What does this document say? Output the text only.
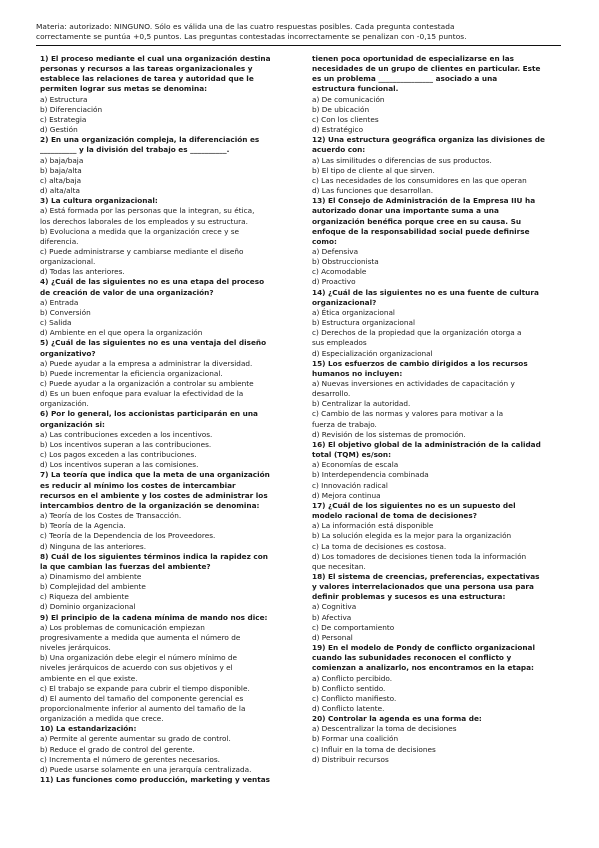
Materia: autorizado: NINGUNO. Sólo es válida una de las cuatro respuestas posibles. Cada pregunta contestada
correctamente se puntúa +0,5 puntos. Las preguntas contestadas incorrectamente se penalizan con -0,15 puntos.
1) El proceso mediante el cual una organización destina
personas y recursos a las tareas organizacionales y
establece las relaciones de tarea y autoridad que le
permiten lograr sus metas se denomina:
a) Estructura
b) Diferenciación
c) Estrategia
d) Gestión
2) En una organización compleja, la diferenciación es
__________ y la división del trabajo es __________.
a) baja/baja
b) baja/alta
c) alta/baja
d) alta/alta
3) La cultura organizacional:
a) Está formada por las personas que la integran, su ética,
los derechos laborales de los empleados y su estructura.
b) Evoluciona a medida que la organización crece y se
diferencia.
c) Puede administrarse y cambiarse mediante el diseño
organizacional.
d) Todas las anteriores.
4) ¿Cuál de las siguientes no es una etapa del proceso
de creación de valor de una organización?
a) Entrada
b) Conversión
c) Salida
d) Ambiente en el que opera la organización
5) ¿Cuál de las siguientes no es una ventaja del diseño
organizativo?
a) Puede ayudar a la empresa a administrar la diversidad.
b) Puede incrementar la eficiencia organizacional.
c) Puede ayudar a la organización a controlar su ambiente
d) Es un buen enfoque para evaluar la efectividad de la
organización.
6) Por lo general, los accionistas participarán en una
organización si:
a) Las contribuciones exceden a los incentivos.
b) Los incentivos superan a las contribuciones.
c) Los pagos exceden a las contribuciones.
d) Los incentivos superan a las comisiones.
7) La teoría que indica que la meta de una organización
es reducir al mínimo los costes de intercambiar
recursos en el ambiente y los costes de administrar los
intercambios dentro de la organización se denomina:
a) Teoría de los Costes de Transacción.
b) Teoría de la Agencia.
c) Teoría de la Dependencia de los Proveedores.
d) Ninguna de las anteriores.
8) Cuál de los siguientes términos indica la rapidez con
la que cambian las fuerzas del ambiente?
a) Dinamismo del ambiente
b) Complejidad del ambiente
c) Riqueza del ambiente
d) Dominio organizacional
9) El principio de la cadena mínima de mando nos dice:
a) Los problemas de comunicación empiezan
progresivamente a medida que aumenta el número de
niveles jerárquicos.
b) Una organización debe elegir el número mínimo de
niveles jerárquicos de acuerdo con sus objetivos y el
ambiente en el que existe.
c) El trabajo se expande para cubrir el tiempo disponible.
d) El aumento del tamaño del componente gerencial es
proporcionalmente inferior al aumento del tamaño de la
organización a medida que crece.
10) La estandarización:
a) Permite al gerente aumentar su grado de control.
b) Reduce el grado de control del gerente.
c) Incrementa el número de gerentes necesarios.
d) Puede usarse solamente en una jerarquía centralizada.
11) Las funciones como producción, marketing y ventas
tienen poca oportunidad de especializarse en las
necesidades de un grupo de clientes en particular. Este
es un problema _______________ asociado a una
estructura funcional.
a) De comunicación
b) De ubicación
c) Con los clientes
d) Estratégico
12) Una estructura geográfica organiza las divisiones de
acuerdo con:
a) Las similitudes o diferencias de sus productos.
b) El tipo de cliente al que sirven.
c) Las necesidades de los consumidores en las que operan
d) Las funciones que desarrollan.
13) El Consejo de Administración de la Empresa IIU ha
autorizado donar una importante suma a una
organización benéfica porque cree en su causa. Su
enfoque de la responsabilidad social puede definirse
como:
a) Defensiva
b) Obstruccionista
c) Acomodable
d) Proactivo
14) ¿Cuál de las siguientes no es una fuente de cultura
organizacional?
a) Ética organizacional
b) Estructura organizacional
c) Derechos de la propiedad que la organización otorga a
sus empleados
d) Especialización organizacional
15) Los esfuerzos de cambio dirigidos a los recursos
humanos no incluyen:
a) Nuevas inversiones en actividades de capacitación y
desarrollo.
b) Centralizar la autoridad.
c) Cambio de las normas y valores para motivar a la
fuerza de trabajo.
d) Revisión de los sistemas de promoción.
16) El objetivo global de la administración de la calidad
total (TQM) es/son:
a) Economías de escala
b) Interdependencia combinada
c) Innovación radical
d) Mejora continua
17) ¿Cuál de los siguientes no es un supuesto del
modelo racional de toma de decisiones?
a) La información está disponible
b) La solución elegida es la mejor para la organización
c) La toma de decisiones es costosa.
d) Los tomadores de decisiones tienen toda la información
que necesitan.
18) El sistema de creencias, preferencias, expectativas
y valores interrelacionados que una persona usa para
definir problemas y sucesos es una estructura:
a) Cognitiva
b) Afectiva
c) De comportamiento
d) Personal
19) En el modelo de Pondy de conflicto organizacional
cuando las subunidades reconocen el conflicto y
comienzan a analizarlo, nos encontramos en la etapa:
a) Conflicto percibido.
b) Conflicto sentido.
c) Conflicto manifiesto.
d) Conflicto latente.
20) Controlar la agenda es una forma de:
a) Descentralizar la toma de decisiones
b) Formar una coalición
c) Influir en la toma de decisiones
d) Distribuir recursos
